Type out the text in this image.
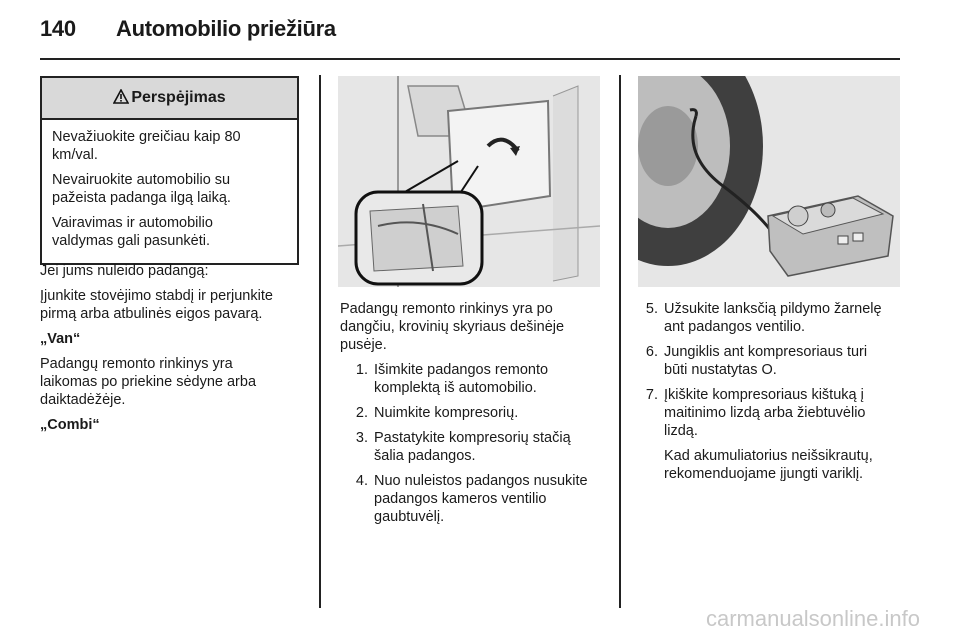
140 Automobilio priežiūra
Perspėjimas

Nevažiuokite greičiau kaip 80 km/val.

Nevairuokite automobilio su pažeista padanga ilgą laiką.

Vairavimas ir automobilio valdymas gali pasunkėti.

Jei jums nuleido padangą:

Įjunkite stovėjimo stabdį ir perjunkite pirmą arba atbulinės eigos pavarą.

„Van“

Padangų remonto rinkinys yra laikomas po priekine sėdyne arba daiktadėžėje.

„Combi“

Padangų remonto rinkinys yra po dangčiu, krovinių skyriaus dešinėje pusėje.

1. Išimkite padangos remonto komplektą iš automobilio.
2. Nuimkite kompresorių.
3. Pastatykite kompresorių stačią šalia padangos.
4. Nuo nuleistos padangos nusukite padangos kameros ventilio gaubtuvėlį.
5. Užsukite lanksčią pildymo žarnelę ant padangos ventilio.
6. Jungiklis ant kompresoriaus turi būti nustatytas O.
7. Įkiškite kompresoriaus kištuką į maitinimo lizdą arba žiebtuvėlio lizdą.
Kad akumuliatorius neišsikrautų, rekomenduojame įjungti variklį.
carmanualsonline.info
